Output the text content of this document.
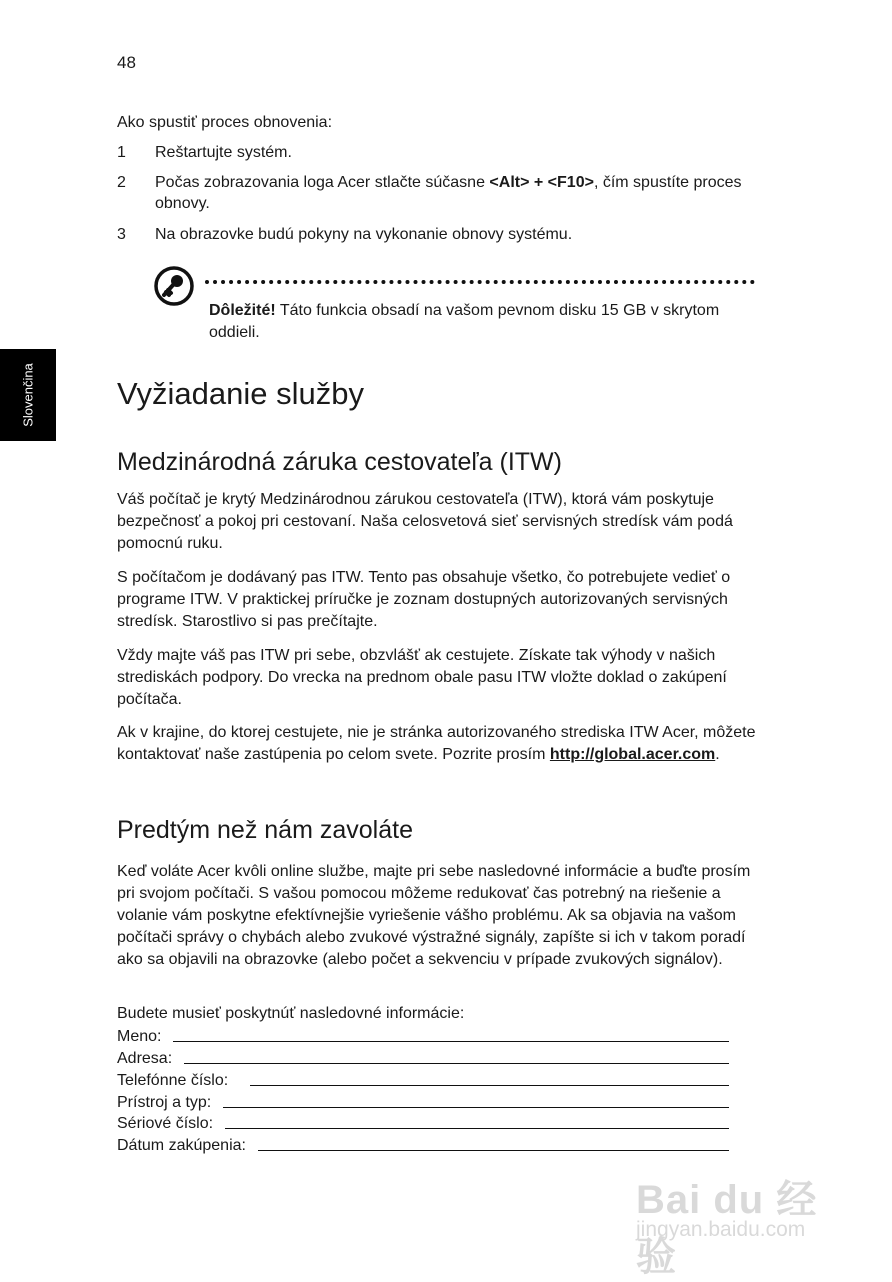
48
Slovenčina
Ako spustiť proces obnovenia:
1 Reštartujte systém.
2 Počas zobrazovania loga Acer stlačte súčasne <Alt> + <F10>, čím spustíte proces obnovy.
3 Na obrazovke budú pokyny na vykonanie obnovy systému.
Dôležité! Táto funkcia obsadí na vašom pevnom disku 15 GB v skrytom oddieli.
Vyžiadanie služby
Medzinárodná záruka cestovateľa (ITW)
Váš počítač je krytý Medzinárodnou zárukou cestovateľa (ITW), ktorá vám poskytuje bezpečnosť a pokoj pri cestovaní. Naša celosvetová sieť servisných stredísk vám podá pomocnú ruku.
S počítačom je dodávaný pas ITW. Tento pas obsahuje všetko, čo potrebujete vedieť o programe ITW. V praktickej príručke je zoznam dostupných autorizovaných servisných stredísk. Starostlivo si pas prečítajte.
Vždy majte váš pas ITW pri sebe, obzvlášť ak cestujete. Získate tak výhody v našich strediskách podpory. Do vrecka na prednom obale pasu ITW vložte doklad o zakúpení počítača.
Ak v krajine, do ktorej cestujete, nie je stránka autorizovaného strediska ITW Acer, môžete kontaktovať naše zastúpenia po celom svete. Pozrite prosím http://global.acer.com.
Predtým než nám zavoláte
Keď voláte Acer kvôli online službe, majte pri sebe nasledovné informácie a buďte prosím pri svojom počítači. S vašou pomocou môžeme redukovať čas potrebný na riešenie a volanie vám poskytne efektívnejšie vyriešenie vášho problému. Ak sa objavia na vašom počítači správy o chybách alebo zvukové výstražné signály, zapíšte si ich v takom poradí ako sa objavili na obrazovke (alebo počet a sekvenciu v prípade zvukových signálov).
Budete musieť poskytnúť nasledovné informácie:
Meno:
Adresa:
Telefónne číslo:
Prístroj a typ:
Sériové číslo:
Dátum zakúpenia:
Bai du 经验
jingyan.baidu.com
